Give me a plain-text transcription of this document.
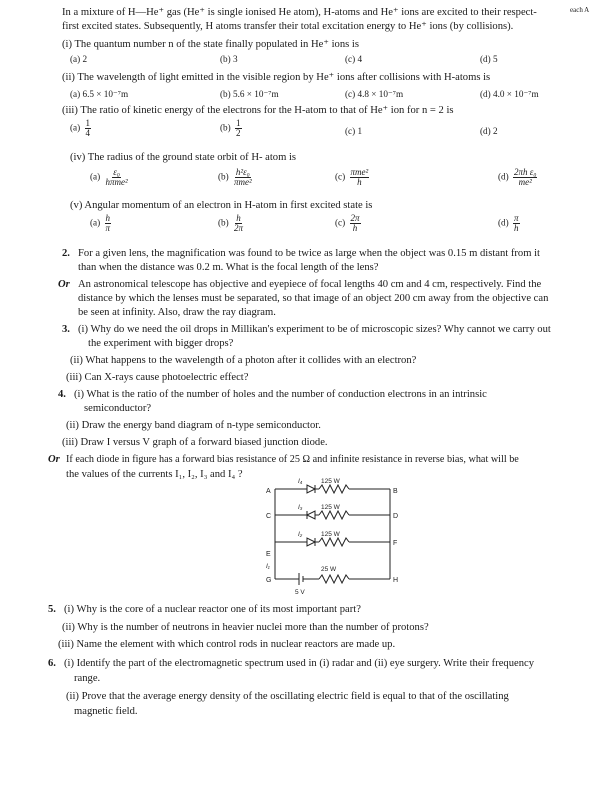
In a mixture of H—He⁺ gas (He⁺ is single ionised He atom), H-atoms and He⁺ ions are excited to their respect-
first excited states. Subsequently, H atoms transfer their total excitation energy to He⁺ ions (by collisions).
each A
(i) The quantum number n of the state finally populated in He⁺ ions is
(a) 2	(b) 3	(c) 4	(d) 5
(ii) The wavelength of light emitted in the visible region by He⁺ ions after collisions with H-atoms is
(a) 6.5 × 10⁻⁷m	(b) 5.6 × 10⁻⁷m	(c) 4.8 × 10⁻⁷m	(d) 4.0 × 10⁻⁷m
(iii) The ratio of kinetic energy of the electrons for the H-atom to that of He⁺ ion for n = 2 is
$(a) \frac{1}{4}$	$(b) \frac{1}{2}$	(c) 1	(d) 2
(iv) The radius of the ground state orbit of H- atom is
$(a) \frac{\text{ε₀}}{\text{hπme²}}$	$(b) \frac{\text{h²ε₀}}{\text{πme²}}$	$(c) \frac{\text{πme²}}{h}$	$(d) \frac{\text{2πh ε₀}}{\text{me²}}$
(v) Angular momentum of an electron in H-atom in first excited state is
$(a) \frac{h}{\pi}$	$(b) \frac{h}{2\pi}$	$(c) \frac{2\pi}{h}$	$(d) \frac{\pi}{h}$
2. For a given lens, the magnification was found to be twice as large when the object was 0.15 m distant from it
than when the distance was 0.2 m. What is the focal length of the lens?
Or An astronomical telescope has objective and eyepiece of focal lengths 40 cm and 4 cm, respectively. Find the
distance by which the lenses must be separated, so that image of an object 200 cm away from the objective can
be seen at infinity. Also, draw the ray diagram.
3. (i) Why do we need the oil drops in Millikan's experiment to be of microscopic sizes? Why cannot we carry out
the experiment with bigger drops?
(ii) What happens to the wavelength of a photon after it collides with an electron?
(iii) Can X-rays cause photoelectric effect?
4. (i) What is the ratio of the number of holes and the number of conduction electrons in an intrinsic
semiconductor?
(ii) Draw the energy band diagram of n-type semiconductor.
(iii) Draw I versus V graph of a forward biased junction diode.
Or If each diode in figure has a forward bias resistance of 25 Ω and infinite resistance in reverse bias, what will be
the values of the currents I₁, I₂, I₃ and I₄ ?
A	B
C	D
E
F
G	H
I₄
I₃
I₂
I₁
125 W
125 W
125 W
25 W
5 V
5. (i) Why is the core of a nuclear reactor one of its most important part?
(ii) Why is the number of neutrons in heavier nuclei more than the number of protons?
(iii) Name the element with which control rods in nuclear reactors are made up.
6. (i) Identify the part of the electromagnetic spectrum used in (i) radar and (ii) eye surgery. Write their frequency
range.
(ii) Prove that the average energy density of the oscillating electric field is equal to that of the oscillating
magnetic field.
